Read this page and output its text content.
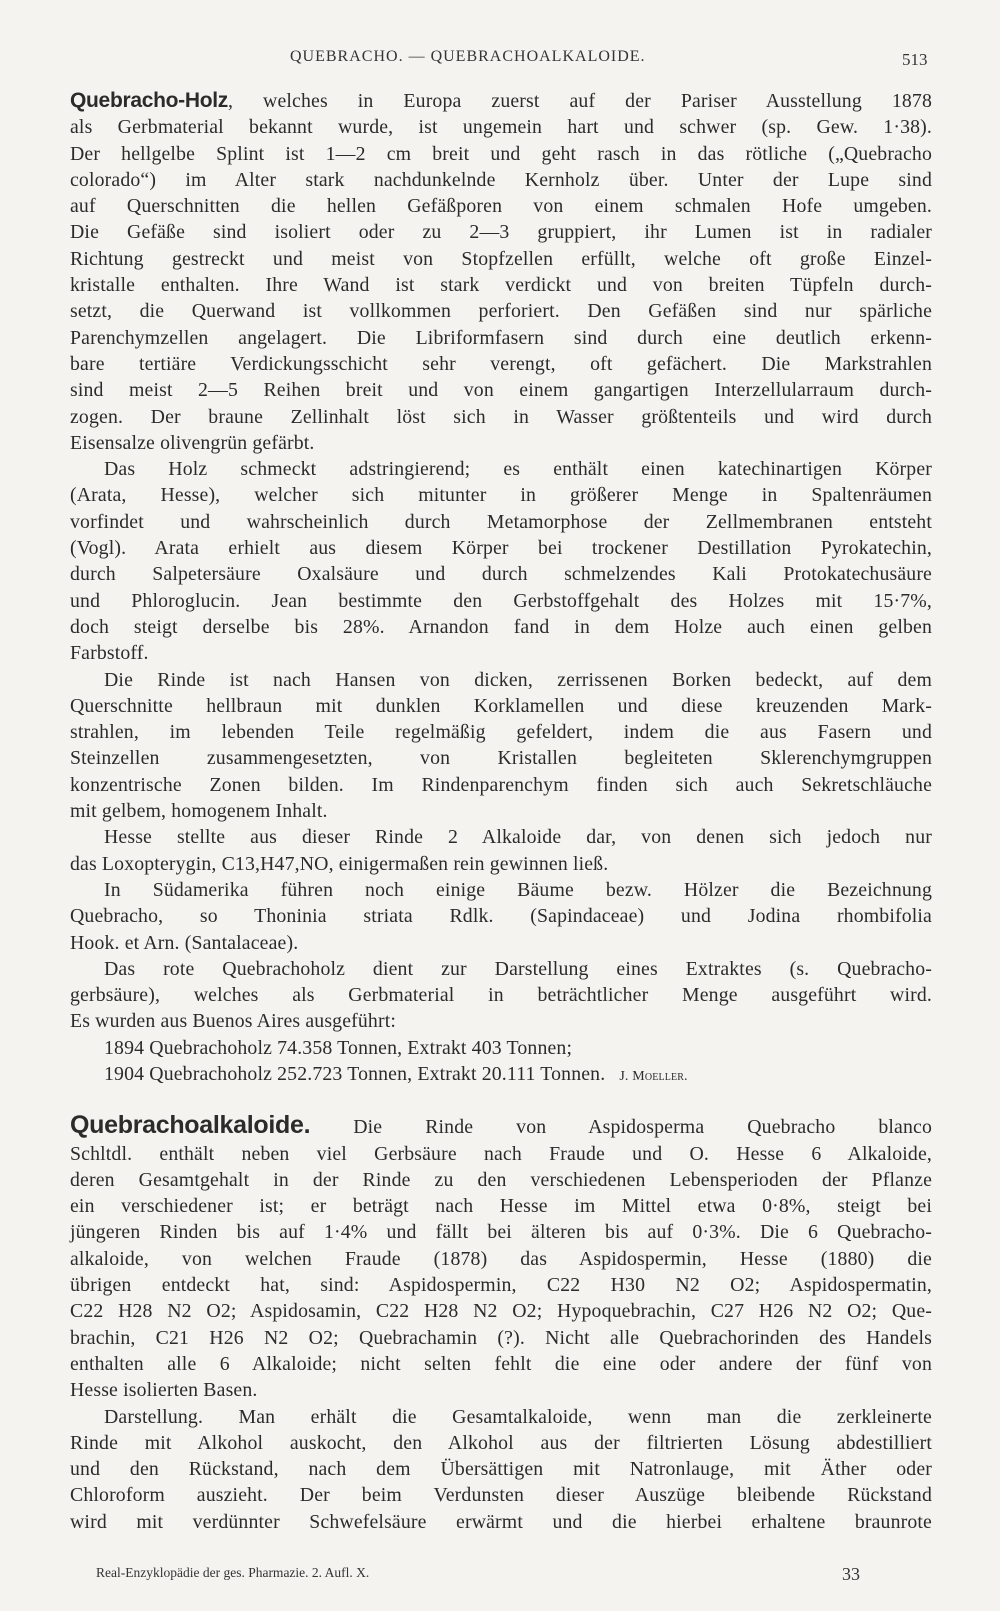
QUEBRACHO. — QUEBRACHOALKALOIDE.	513
Quebracho-Holz, welches in Europa zuerst auf der Pariser Ausstellung 1878
als Gerbmaterial bekannt wurde, ist ungemein hart und schwer (sp. Gew. 1·38).
Der hellgelbe Splint ist 1—2 cm breit und geht rasch in das rötliche („Quebracho
colorado“) im Alter stark nachdunkelnde Kernholz über. Unter der Lupe sind
auf Querschnitten die hellen Gefäßporen von einem schmalen Hofe umgeben.
Die Gefäße sind isoliert oder zu 2—3 gruppiert, ihr Lumen ist in radialer
Richtung gestreckt und meist von Stopfzellen erfüllt, welche oft große Einzel-
kristalle enthalten. Ihre Wand ist stark verdickt und von breiten Tüpfeln durch-
setzt, die Querwand ist vollkommen perforiert. Den Gefäßen sind nur spärliche
Parenchymzellen angelagert. Die Libriformfasern sind durch eine deutlich erkenn-
bare tertiäre Verdickungsschicht sehr verengt, oft gefächert. Die Markstrahlen
sind meist 2—5 Reihen breit und von einem gangartigen Interzellularraum durch-
zogen. Der braune Zellinhalt löst sich in Wasser größtenteils und wird durch
Eisensalze olivengrün gefärbt.
Das Holz schmeckt adstringierend; es enthält einen katechinartigen Körper
(Arata, Hesse), welcher sich mitunter in größerer Menge in Spaltenräumen
vorfindet und wahrscheinlich durch Metamorphose der Zellmembranen entsteht
(Vogl). Arata erhielt aus diesem Körper bei trockener Destillation Pyrokatechin,
durch Salpetersäure Oxalsäure und durch schmelzendes Kali Protokatechusäure
und Phloroglucin. Jean bestimmte den Gerbstoffgehalt des Holzes mit 15·7%,
doch steigt derselbe bis 28%. Arnandon fand in dem Holze auch einen gelben
Farbstoff.
Die Rinde ist nach Hansen von dicken, zerrissenen Borken bedeckt, auf dem
Querschnitte hellbraun mit dunklen Korklamellen und diese kreuzenden Mark-
strahlen, im lebenden Teile regelmäßig gefeldert, indem die aus Fasern und
Steinzellen zusammengesetzten, von Kristallen begleiteten Sklerenchymgruppen
konzentrische Zonen bilden. Im Rindenparenchym finden sich auch Sekretschläuche
mit gelbem, homogenem Inhalt.
Hesse stellte aus dieser Rinde 2 Alkaloide dar, von denen sich jedoch nur
das Loxopterygin, C13,H47,NO, einigermaßen rein gewinnen ließ.
In Südamerika führen noch einige Bäume bezw. Hölzer die Bezeichnung
Quebracho, so Thoninia striata Rdlk. (Sapindaceae) und Jodina rhombifolia
Hook. et Arn. (Santalaceae).
Das rote Quebrachoholz dient zur Darstellung eines Extraktes (s. Quebracho-
gerbsäure), welches als Gerbmaterial in beträchtlicher Menge ausgeführt wird.
Es wurden aus Buenos Aires ausgeführt:
1894 Quebrachoholz 74.358 Tonnen, Extrakt 403 Tonnen;
1904 Quebrachoholz 252.723 Tonnen, Extrakt 20.111 Tonnen. J. Moeller.
Quebrachoalkaloide. Die Rinde von Aspidosperma Quebracho blanco
Schltdl. enthält neben viel Gerbsäure nach Fraude und O. Hesse 6 Alkaloide,
deren Gesamtgehalt in der Rinde zu den verschiedenen Lebensperioden der Pflanze
ein verschiedener ist; er beträgt nach Hesse im Mittel etwa 0·8%, steigt bei
jüngeren Rinden bis auf 1·4% und fällt bei älteren bis auf 0·3%. Die 6 Quebracho-
alkaloide, von welchen Fraude (1878) das Aspidospermin, Hesse (1880) die
übrigen entdeckt hat, sind: Aspidospermin, C22 H30 N2 O2; Aspidospermatin,
C22 H28 N2 O2; Aspidosamin, C22 H28 N2 O2; Hypoquebrachin, C27 H26 N2 O2; Que-
brachin, C21 H26 N2 O2; Quebrachamin (?). Nicht alle Quebrachorinden des Handels
enthalten alle 6 Alkaloide; nicht selten fehlt die eine oder andere der fünf von
Hesse isolierten Basen.
Darstellung. Man erhält die Gesamtalkaloide, wenn man die zerkleinerte
Rinde mit Alkohol auskocht, den Alkohol aus der filtrierten Lösung abdestilliert
und den Rückstand, nach dem Übersättigen mit Natronlauge, mit Äther oder
Chloroform auszieht. Der beim Verdunsten dieser Auszüge bleibende Rückstand
wird mit verdünnter Schwefelsäure erwärmt und die hierbei erhaltene braunrote
Real-Enzyklopädie der ges. Pharmazie. 2. Aufl. X.	33
